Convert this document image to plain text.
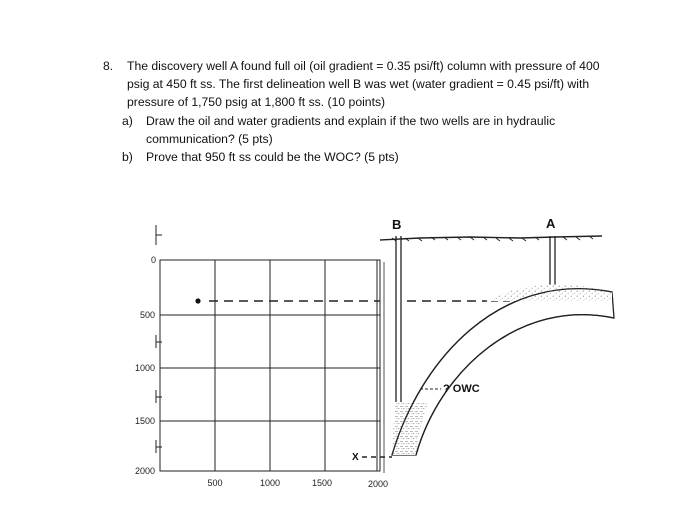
8.	The discovery well A found full oil (oil gradient = 0.35 psi/ft) column with pressure of 400 psig at 450 ft ss. The first delineation well B was wet (water gradient = 0.45 psi/ft) with pressure of 1,750 psig at 1,800 ft ss. (10 points)
a)	Draw the oil and water gradients and explain if the two wells are in hydraulic communication? (5 pts)
b)	Prove that 950 ft ss could be the WOC? (5 pts)
0
500
1000
1500
2000
500	1000	1500	2000
X
B	A
? OWC
